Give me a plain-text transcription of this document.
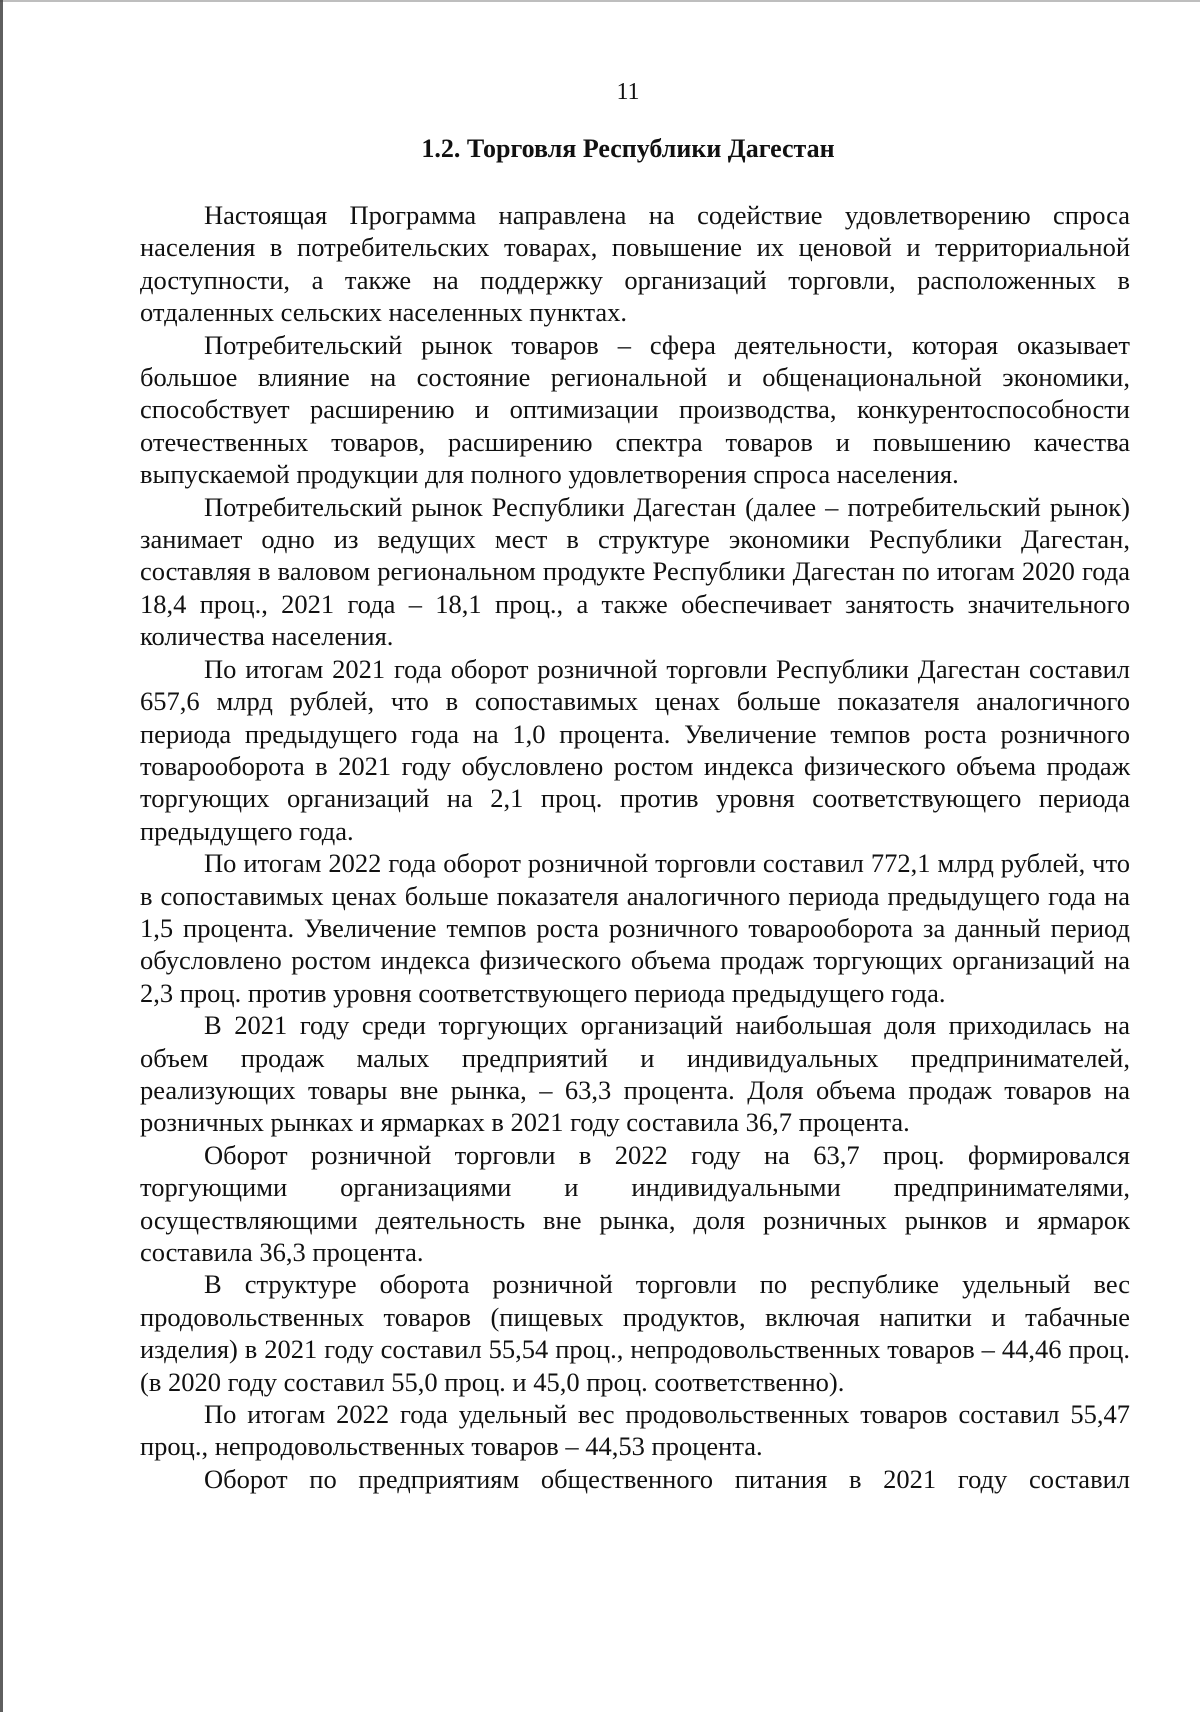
11
1.2. Торговля Республики Дагестан

Настоящая Программа направлена на содействие удовлетворению спроса населения в потребительских товарах, повышение их ценовой и территориальной доступности, а также на поддержку организаций торговли, расположенных в отдаленных сельских населенных пунктах.

Потребительский рынок товаров – сфера деятельности, которая оказывает большое влияние на состояние региональной и общенациональной экономики, способствует расширению и оптимизации производства, конкурентоспособности отечественных товаров, расширению спектра товаров и повышению качества выпускаемой продукции для полного удовлетворения спроса населения.

Потребительский рынок Республики Дагестан (далее – потребительский рынок) занимает одно из ведущих мест в структуре экономики Республики Дагестан, составляя в валовом региональном продукте Республики Дагестан по итогам 2020 года 18,4 проц., 2021 года – 18,1 проц., а также обеспечивает занятость значительного количества населения.

По итогам 2021 года оборот розничной торговли Республики Дагестан составил 657,6 млрд рублей, что в сопоставимых ценах больше показателя аналогичного периода предыдущего года на 1,0 процента. Увеличение темпов роста розничного товарооборота в 2021 году обусловлено ростом индекса физического объема продаж торгующих организаций на 2,1 проц. против уровня соответствующего периода предыдущего года.

По итогам 2022 года оборот розничной торговли составил 772,1 млрд рублей, что в сопоставимых ценах больше показателя аналогичного периода предыдущего года на 1,5 процента. Увеличение темпов роста розничного товарооборота за данный период обусловлено ростом индекса физического объема продаж торгующих организаций на 2,3 проц. против уровня соответствующего периода предыдущего года.

В 2021 году среди торгующих организаций наибольшая доля приходилась на объем продаж малых предприятий и индивидуальных предпринимателей, реализующих товары вне рынка, – 63,3 процента. Доля объема продаж товаров на розничных рынках и ярмарках в 2021 году составила 36,7 процента.

Оборот розничной торговли в 2022 году на 63,7 проц. формировался торгующими организациями и индивидуальными предпринимателями, осуществляющими деятельность вне рынка, доля розничных рынков и ярмарок составила 36,3 процента.

В структуре оборота розничной торговли по республике удельный вес продовольственных товаров (пищевых продуктов, включая напитки и табачные изделия) в 2021 году составил 55,54 проц., непродовольственных товаров – 44,46 проц. (в 2020 году составил 55,0 проц. и 45,0 проц. соответственно).

По итогам 2022 года удельный вес продовольственных товаров составил 55,47 проц., непродовольственных товаров – 44,53 процента.

Оборот по предприятиям общественного питания в 2021 году составил
